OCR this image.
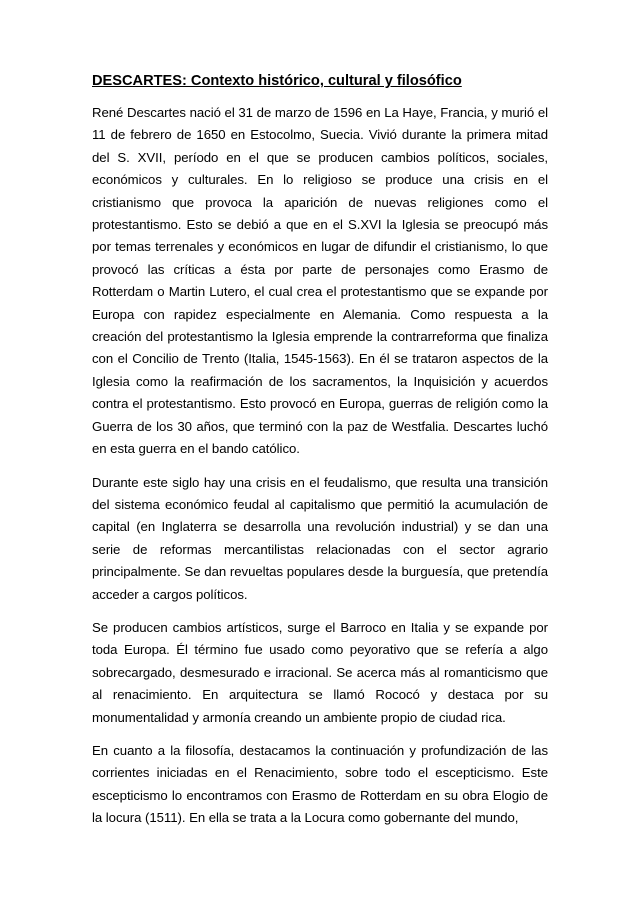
DESCARTES: Contexto histórico, cultural y filosófico

René Descartes nació el 31 de marzo de 1596 en La Haye, Francia, y murió el 11 de febrero de 1650 en Estocolmo, Suecia. Vivió durante la primera mitad del S. XVII, período en el que se producen cambios políticos, sociales, económicos y culturales. En lo religioso se produce una crisis en el cristianismo que provoca la aparición de nuevas religiones como el protestantismo. Esto se debió a que en el S.XVI la Iglesia se preocupó más por temas terrenales y económicos en lugar de difundir el cristianismo, lo que provocó las críticas a ésta por parte de personajes como Erasmo de Rotterdam o Martin Lutero, el cual crea el protestantismo que se expande por Europa con rapidez especialmente en Alemania. Como respuesta a la creación del protestantismo la Iglesia emprende la contrarreforma que finaliza con el Concilio de Trento (Italia, 1545-1563). En él se trataron aspectos de la Iglesia como la reafirmación de los sacramentos, la Inquisición y acuerdos contra el protestantismo. Esto provocó en Europa, guerras de religión como la Guerra de los 30 años, que terminó con la paz de Westfalia. Descartes luchó en esta guerra en el bando católico.

Durante este siglo hay una crisis en el feudalismo, que resulta una transición del sistema económico feudal al capitalismo que permitió la acumulación de capital (en Inglaterra se desarrolla una revolución industrial) y se dan una serie de reformas mercantilistas relacionadas con el sector agrario principalmente. Se dan revueltas populares desde la burguesía, que pretendía acceder a cargos políticos.

Se producen cambios artísticos, surge el Barroco en Italia y se expande por toda Europa. Él término fue usado como peyorativo que se refería a algo sobrecargado, desmesurado e irracional. Se acerca más al romanticismo que al renacimiento. En arquitectura se llamó Rococó y destaca por su monumentalidad y armonía creando un ambiente propio de ciudad rica.

En cuanto a la filosofía, destacamos la continuación y profundización de las corrientes iniciadas en el Renacimiento, sobre todo el escepticismo. Este escepticismo lo encontramos con Erasmo de Rotterdam en su obra Elogio de la locura (1511). En ella se trata a la Locura como gobernante del mundo,
